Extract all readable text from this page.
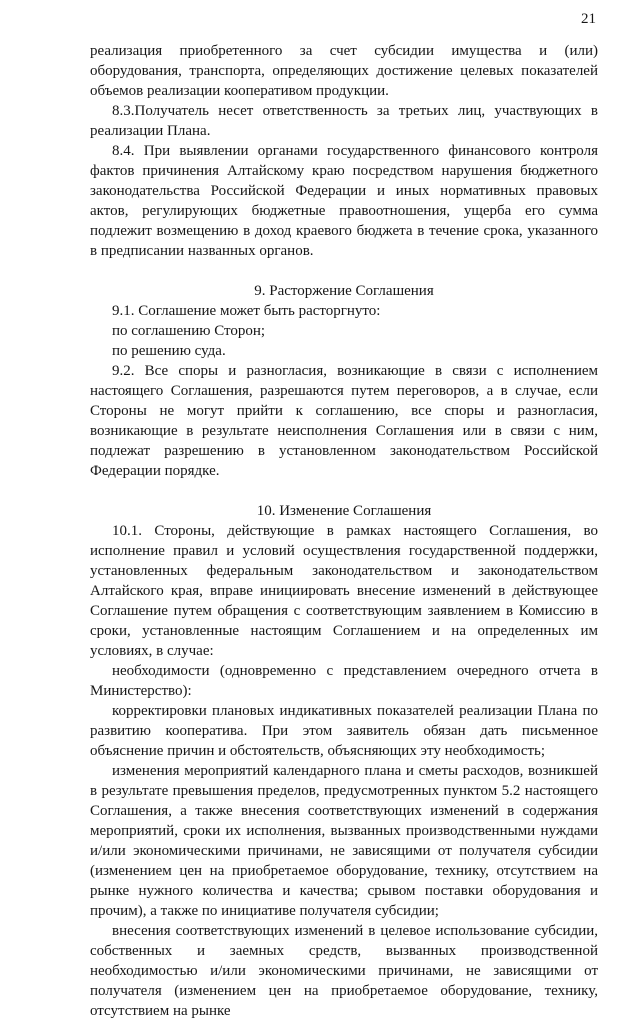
21

реализация приобретенного за счет субсидии имущества и (или) оборудования, транспорта, определяющих достижение целевых показателей объемов реализации кооперативом продукции.

8.3.Получатель несет ответственность за третьих лиц, участвующих в реализации Плана.

8.4. При выявлении органами государственного финансового контроля фактов причинения Алтайскому краю посредством нарушения бюджетного законодательства Российской Федерации и иных нормативных правовых актов, регулирующих бюджетные правоотношения, ущерба его сумма подлежит возмещению в доход краевого бюджета в течение срока, указанного в предписании названных органов.

9. Расторжение Соглашения

9.1. Соглашение может быть расторгнуто:

по соглашению Сторон;

по решению суда.

9.2. Все споры и разногласия, возникающие в связи с исполнением настоящего Соглашения, разрешаются путем переговоров, а в случае, если Стороны не могут прийти к соглашению, все споры и разногласия, возникающие в результате неисполнения Соглашения или в связи с ним, подлежат разрешению в установленном законодательством Российской Федерации порядке.

10. Изменение Соглашения

10.1. Стороны, действующие в рамках настоящего Соглашения, во исполнение правил и условий осуществления государственной поддержки, установленных федеральным законодательством и законодательством Алтайского края, вправе инициировать внесение изменений в действующее Соглашение путем обращения с соответствующим заявлением в Комиссию в сроки, установленные настоящим Соглашением и на определенных им условиях, в случае:

необходимости (одновременно с представлением очередного отчета в Министерство):

корректировки плановых индикативных показателей реализации Плана по развитию кооператива. При этом заявитель обязан дать письменное объяснение причин и обстоятельств, объясняющих эту необходимость;

изменения мероприятий календарного плана и сметы расходов, возникшей в результате превышения пределов, предусмотренных пунктом 5.2 настоящего Соглашения, а также внесения соответствующих изменений в содержания мероприятий, сроки их исполнения, вызванных производственными нуждами и/или экономическими причинами, не зависящими от получателя субсидии (изменением цен на приобретаемое оборудование, технику, отсутствием на рынке нужного количества и качества; срывом поставки оборудования и прочим), а также по инициативе получателя субсидии;

внесения соответствующих изменений в целевое использование субсидии, собственных и заемных средств, вызванных производственной необходимостью и/или экономическими причинами, не зависящими от получателя (изменением цен на приобретаемое оборудование, технику, отсутствием на рынке
